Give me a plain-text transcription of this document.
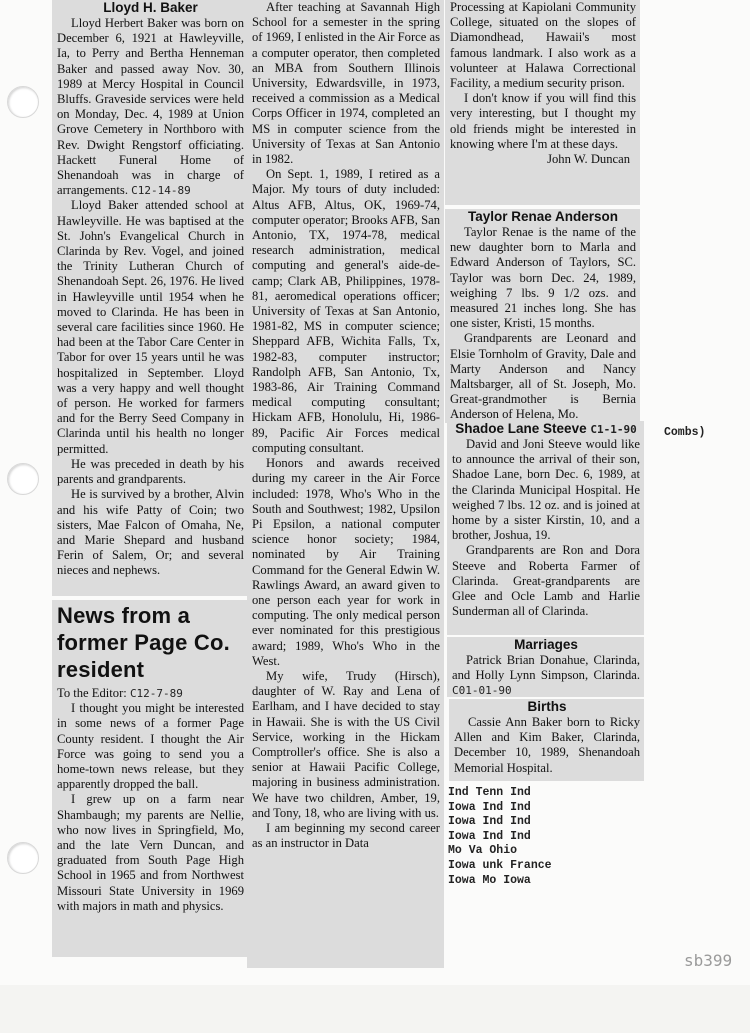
Lloyd H. Baker

Lloyd Herbert Baker was born on December 6, 1921 at Hawleyville, Ia, to Perry and Bertha Henneman Baker and passed away Nov. 30, 1989 at Mercy Hospital in Council Bluffs. Graveside services were held on Monday, Dec. 4, 1989 at Union Grove Cemetery in Northboro with Rev. Dwight Rengstorf officiating. Hackett Funeral Home of Shenandoah was in charge of arrangements. C12-14-89

Lloyd Baker attended school at Hawleyville. He was baptised at the St. John's Evangelical Church in Clarinda by Rev. Vogel, and joined the Trinity Lutheran Church of Shenandoah Sept. 26, 1976. He lived in Hawleyville until 1954 when he moved to Clarinda. He has been in several care facilities since 1960. He had been at the Tabor Care Center in Tabor for over 15 years until he was hospitalized in September. Lloyd was a very happy and well thought of person. He worked for farmers and for the Berry Seed Company in Clarinda until his health no longer permitted.

He was preceded in death by his parents and grandparents.

He is survived by a brother, Alvin and his wife Patty of Coin; two sisters, Mae Falcon of Omaha, Ne, and Marie Shepard and husband Ferin of Salem, Or; and several nieces and nephews.

News from a
former Page Co.
resident

To the Editor: C12-7-89

I thought you might be interested in some news of a former Page County resident. I thought the Air Force was going to send you a home-town news release, but they apparently dropped the ball.

I grew up on a farm near Shambaugh; my parents are Nellie, who now lives in Springfield, Mo, and the late Vern Duncan, and graduated from South Page High School in 1965 and from Northwest Missouri State University in 1969 with majors in math and physics.

After teaching at Savannah High School for a semester in the spring of 1969, I enlisted in the Air Force as a computer operator, then completed an MBA from Southern Illinois University, Edwardsville, in 1973, received a commission as a Medical Corps Officer in 1974, completed an MS in computer science from the University of Texas at San Antonio in 1982.

On Sept. 1, 1989, I retired as a Major. My tours of duty included: Altus AFB, Altus, OK, 1969-74, computer operator; Brooks AFB, San Antonio, TX, 1974-78, medical research administration, medical computing and general's aide-de-camp; Clark AB, Philippines, 1978-81, aeromedical operations officer; University of Texas at San Antonio, 1981-82, MS in computer science; Sheppard AFB, Wichita Falls, Tx, 1982-83, computer instructor; Randolph AFB, San Antonio, Tx, 1983-86, Air Training Command medical computing consultant; Hickam AFB, Honolulu, Hi, 1986-89, Pacific Air Forces medical computing consultant.

Honors and awards received during my career in the Air Force included: 1978, Who's Who in the South and Southwest; 1982, Upsilon Pi Epsilon, a national computer science honor society; 1984, nominated by Air Training Command for the General Edwin W. Rawlings Award, an award given to one person each year for work in computing. The only medical person ever nominated for this prestigious award; 1989, Who's Who in the West.

My wife, Trudy (Hirsch), daughter of W. Ray and Lena of Earlham, and I have decided to stay in Hawaii. She is with the US Civil Service, working in the Hickam Comptroller's office. She is also a senior at Hawaii Pacific College, majoring in business administration. We have two children, Amber, 19, and Tony, 18, who are living with us.

I am beginning my second career as an instructor in Data

Processing at Kapiolani Community College, situated on the slopes of Diamondhead, Hawaii's most famous landmark. I also work as a volunteer at Halawa Correctional Facility, a medium security prison.

I don't know if you will find this very interesting, but I thought my old friends might be interested in knowing where I'm at these days.

John W. Duncan

Taylor Renae Anderson

Taylor Renae is the name of the new daughter born to Marla and Edward Anderson of Taylors, SC. Taylor was born Dec. 24, 1989, weighing 7 lbs. 9 1/2 ozs. and measured 21 inches long. She has one sister, Kristi, 15 months.

Grandparents are Leonard and Elsie Tornholm of Gravity, Dale and Marty Anderson and Nancy Maltsbarger, all of St. Joseph, Mo. Great-grandmother is Bernia Anderson of Helena, Mo.

Shadoe Lane Steeve C1-1-90

David and Joni Steeve would like to announce the arrival of their son, Shadoe Lane, born Dec. 6, 1989, at the Clarinda Municipal Hospital. He weighed 7 lbs. 12 oz. and is joined at home by a sister Kirstin, 10, and a brother, Joshua, 19.

Grandparents are Ron and Dora Steeve and Roberta Farmer of Clarinda. Great-grandparents are Glee and Ocle Lamb and Harlie Sunderman all of Clarinda.

Marriages

Patrick Brian Donahue, Clarinda, and Holly Lynn Simpson, Clarinda. C01-01-90

Births

Cassie Ann Baker born to Ricky Allen and Kim Baker, Clarinda, December 10, 1989, Shenandoah Memorial Hospital.

Combs)
Ind Tenn Ind
Iowa Ind Ind
Iowa Ind Ind
Iowa Ind Ind
Mo Va Ohio
Iowa unk France
Iowa Mo Iowa
sb399
